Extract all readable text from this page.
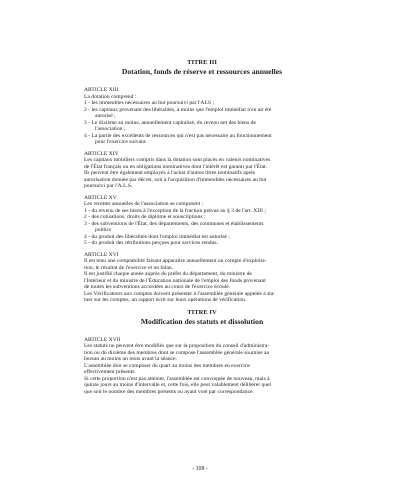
TITRE III

Dotation, fonds de réserve et ressources annuelles

ARTICLE XIII

La dotation comprend :

1 - les immeubles nécessaires au but poursuivi par l'ALS ;

2 - les capitaux provenant des libéralités, à moins que l'emploi immédiat n'en ait été
autorisé ;

3 - Le dixième au moins, annuellement capitalisé, du revenu net des biens de
l'association ;

4 - La partie des excédents de ressources qui n'est pas nécessaire au fonctionnement
pour l'exercice suivant.

ARTICLE XIV

Les capitaux mobiliers compris dans la dotation sont placés en valeurs nominatives

de l'État français ou en obligations nominatives dont l'intérêt est garanti par l'État.

Ils peuvent être également employés à l'achat d'autres titres nominatifs après

autorisation donnée par décret, soit à l'acquisition d'immeubles nécessaires au but

poursuivi par l'A.L.S.

ARTICLE XV

Les recettes annuelles de l'association se composent :

1 - du revenu de ses biens à l'exception de la fraction prévue au § 3 de l'art. XIII ;

2 - des cotisations, droits de diplôme et souscriptions ;

3 - des subventions de l'État, des départements, des communes et établissements
publics

4 - du produit des libéralités dont l'emploi immédiat est autorisé ;

5 - du produit des rétributions perçues pour services rendus.

ARTICLE XVI

Il est tenu une comptabilité faisant apparaître annuellement un compte d'exploita-

tion, le résultat de l'exercice et un bilan.

Il est justifié chaque année auprès du préfet du département, du ministre de

l'Intérieur et du ministre de l'Éducation nationale de l'emploi des fonds provenant

de toutes les subventions accordées au cours de l'exercice écoulé.

Les Vérificateurs aux comptes doivent présenter à l'assemblée générale appelée à sta-

tuer sur les comptes, un rapport écrit sur leurs opérations de vérification.

TITRE IV

Modification des statuts et dissolution

ARTICLE XVII

Les statuts ne peuvent être modifiés que sur la proposition du conseil d'administra-

tion ou du dixième des membres dont se compose l'assemblée générale soumise au

bureau au moins un mois avant la séance.

L'assemblée doit se composer du quart au moins des membres en exercice

effectivement présents.

Si cette proportion n'est pas atteinte, l'assemblée est convoquée de nouveau, mais à

quinze jours au moins d'intervalle et, cette fois, elle peut valablement délibérer quel

que soit le nombre des membres présents ou ayant voté par correspondance.

- 108 -
